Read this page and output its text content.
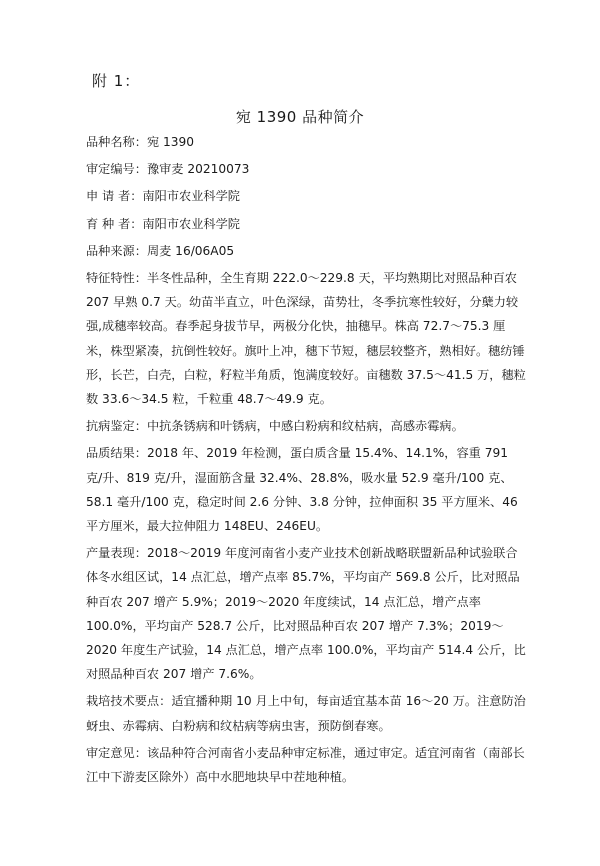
附 1：
宛 1390 品种简介

品种名称：宛 1390

审定编号：豫审麦 20210073

申 请 者：南阳市农业科学院

育 种 者：南阳市农业科学院

品种来源：周麦 16/06A05

特征特性：半冬性品种，全生育期 222.0～229.8 天，平均熟期比对照品种百农 207 早熟 0.7 天。幼苗半直立，叶色深绿，苗势壮，冬季抗寒性较好，分蘖力较强,成穗率较高。春季起身拔节早，两极分化快，抽穗早。株高 72.7～75.3 厘米，株型紧凑，抗倒性较好。旗叶上冲，穗下节短，穗层较整齐，熟相好。穗纺锤形，长芒，白壳，白粒，籽粒半角质，饱满度较好。亩穗数 37.5～41.5 万，穗粒数 33.6～34.5 粒，千粒重 48.7～49.9 克。

抗病鉴定：中抗条锈病和叶锈病，中感白粉病和纹枯病，高感赤霉病。

品质结果：2018 年、2019 年检测，蛋白质含量 15.4%、14.1%，容重 791 克/升、819 克/升，湿面筋含量 32.4%、28.8%，吸水量 52.9 毫升/100 克、58.1 毫升/100 克，稳定时间 2.6 分钟、3.8 分钟，拉伸面积 35 平方厘米、46 平方厘米，最大拉伸阻力 148EU、246EU。

产量表现：2018～2019 年度河南省小麦产业技术创新战略联盟新品种试验联合体冬水组区试，14 点汇总，增产点率 85.7%，平均亩产 569.8 公斤，比对照品种百农 207 增产 5.9%；2019～2020 年度续试，14 点汇总，增产点率 100.0%，平均亩产 528.7 公斤，比对照品种百农 207 增产 7.3%；2019～2020 年度生产试验，14 点汇总，增产点率 100.0%，平均亩产 514.4 公斤，比对照品种百农 207 增产 7.6%。

栽培技术要点：适宜播种期 10 月上中旬，每亩适宜基本苗 16～20 万。注意防治蚜虫、赤霉病、白粉病和纹枯病等病虫害，预防倒春寒。

审定意见：该品种符合河南省小麦品种审定标准，通过审定。适宜河南省（南部长江中下游麦区除外）高中水肥地块早中茬地种植。
